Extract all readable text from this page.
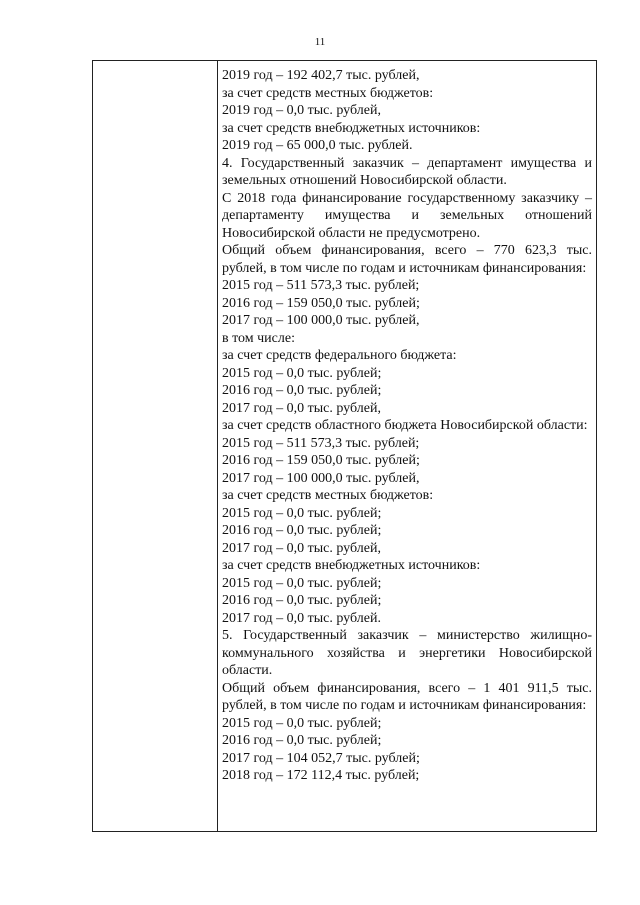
11

2019 год – 192 402,7 тыс. рублей,
за счет средств местных бюджетов:
2019 год – 0,0 тыс. рублей,
за счет средств внебюджетных источников:
2019 год – 65 000,0 тыс. рублей.
4. Государственный заказчик – департамент имущества и земельных отношений Новосибирской области.
С 2018 года финансирование государственному заказчику – департаменту имущества и земельных отношений Новосибирской области не предусмотрено.
Общий объем финансирования, всего – 770 623,3 тыс. рублей, в том числе по годам и источникам финансирования:
2015 год – 511 573,3 тыс. рублей;
2016 год – 159 050,0 тыс. рублей;
2017 год – 100 000,0 тыс. рублей,
в том числе:
за счет средств федерального бюджета:
2015 год – 0,0 тыс. рублей;
2016 год – 0,0 тыс. рублей;
2017 год – 0,0 тыс. рублей,
за счет средств областного бюджета Новосибирской области:
2015 год – 511 573,3 тыс. рублей;
2016 год – 159 050,0 тыс. рублей;
2017 год – 100 000,0 тыс. рублей,
за счет средств местных бюджетов:
2015 год – 0,0 тыс. рублей;
2016 год – 0,0 тыс. рублей;
2017 год – 0,0 тыс. рублей,
за счет средств внебюджетных источников:
2015 год – 0,0 тыс. рублей;
2016 год – 0,0 тыс. рублей;
2017 год – 0,0 тыс. рублей.
5. Государственный заказчик – министерство жилищно-коммунального хозяйства и энергетики Новосибирской области.
Общий объем финансирования, всего – 1 401 911,5 тыс. рублей, в том числе по годам и источникам финансирования:
2015 год – 0,0 тыс. рублей;
2016 год – 0,0 тыс. рублей;
2017 год – 104 052,7 тыс. рублей;
2018 год – 172 112,4 тыс. рублей;
